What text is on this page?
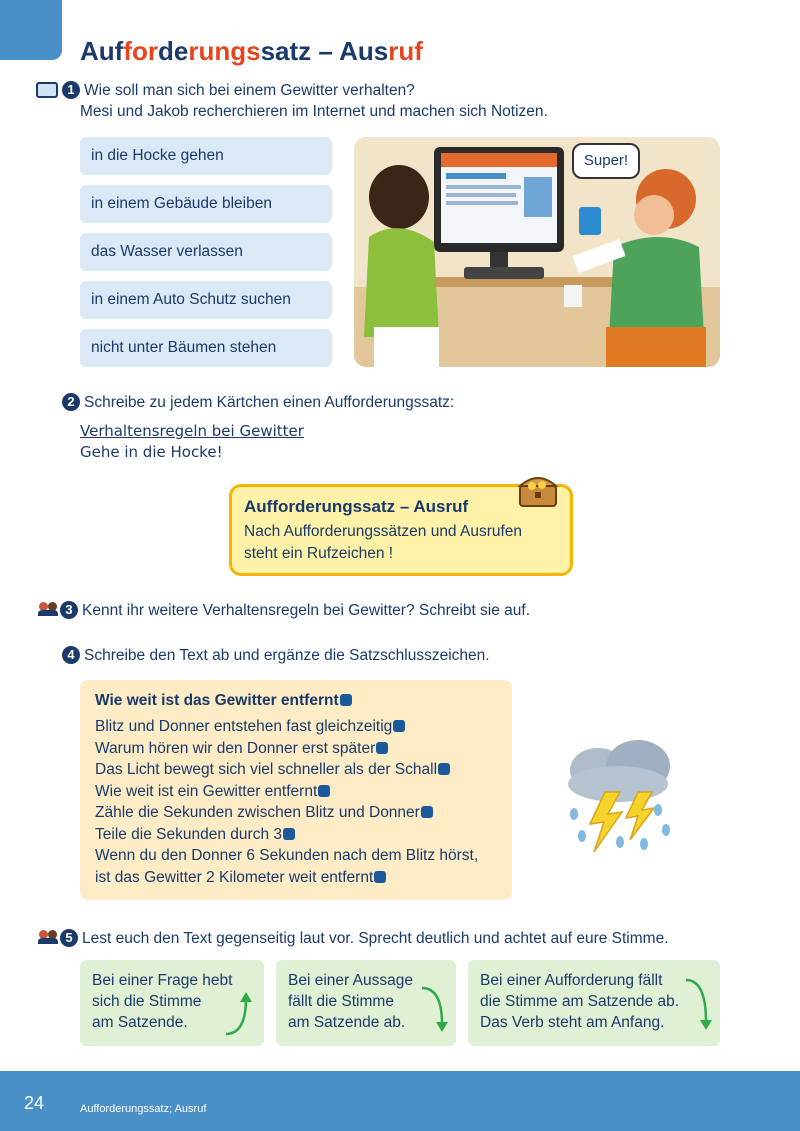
Aufforderungssatz – Ausruf
1 Wie soll man sich bei einem Gewitter verhalten?
Mesi und Jakob recherchieren im Internet und machen sich Notizen.
in die Hocke gehen
in einem Gebäude bleiben
das Wasser verlassen
in einem Auto Schutz suchen
nicht unter Bäumen stehen
Super!
2 Schreibe zu jedem Kärtchen einen Aufforderungssatz:
Verhaltensregeln bei Gewitter
Gehe in die Hocke!
Aufforderungssatz – Ausruf
Nach Aufforderungssätzen und Ausrufen
steht ein Rufzeichen !
3 Kennt ihr weitere Verhaltensregeln bei Gewitter? Schreibt sie auf.
4 Schreibe den Text ab und ergänze die Satzschlusszeichen.
Wie weit ist das Gewitter entfernt
Blitz und Donner entstehen fast gleichzeitig
Warum hören wir den Donner erst später
Das Licht bewegt sich viel schneller als der Schall
Wie weit ist ein Gewitter entfernt
Zähle die Sekunden zwischen Blitz und Donner
Teile die Sekunden durch 3
Wenn du den Donner 6 Sekunden nach dem Blitz hörst,
ist das Gewitter 2 Kilometer weit entfernt
5 Lest euch den Text gegenseitig laut vor. Sprecht deutlich und achtet auf eure Stimme.
Bei einer Frage hebt
sich die Stimme
am Satzende.
Bei einer Aussage
fällt die Stimme
am Satzende ab.
Bei einer Aufforderung fällt
die Stimme am Satzende ab.
Das Verb steht am Anfang.
24	Aufforderungssatz; Ausruf
